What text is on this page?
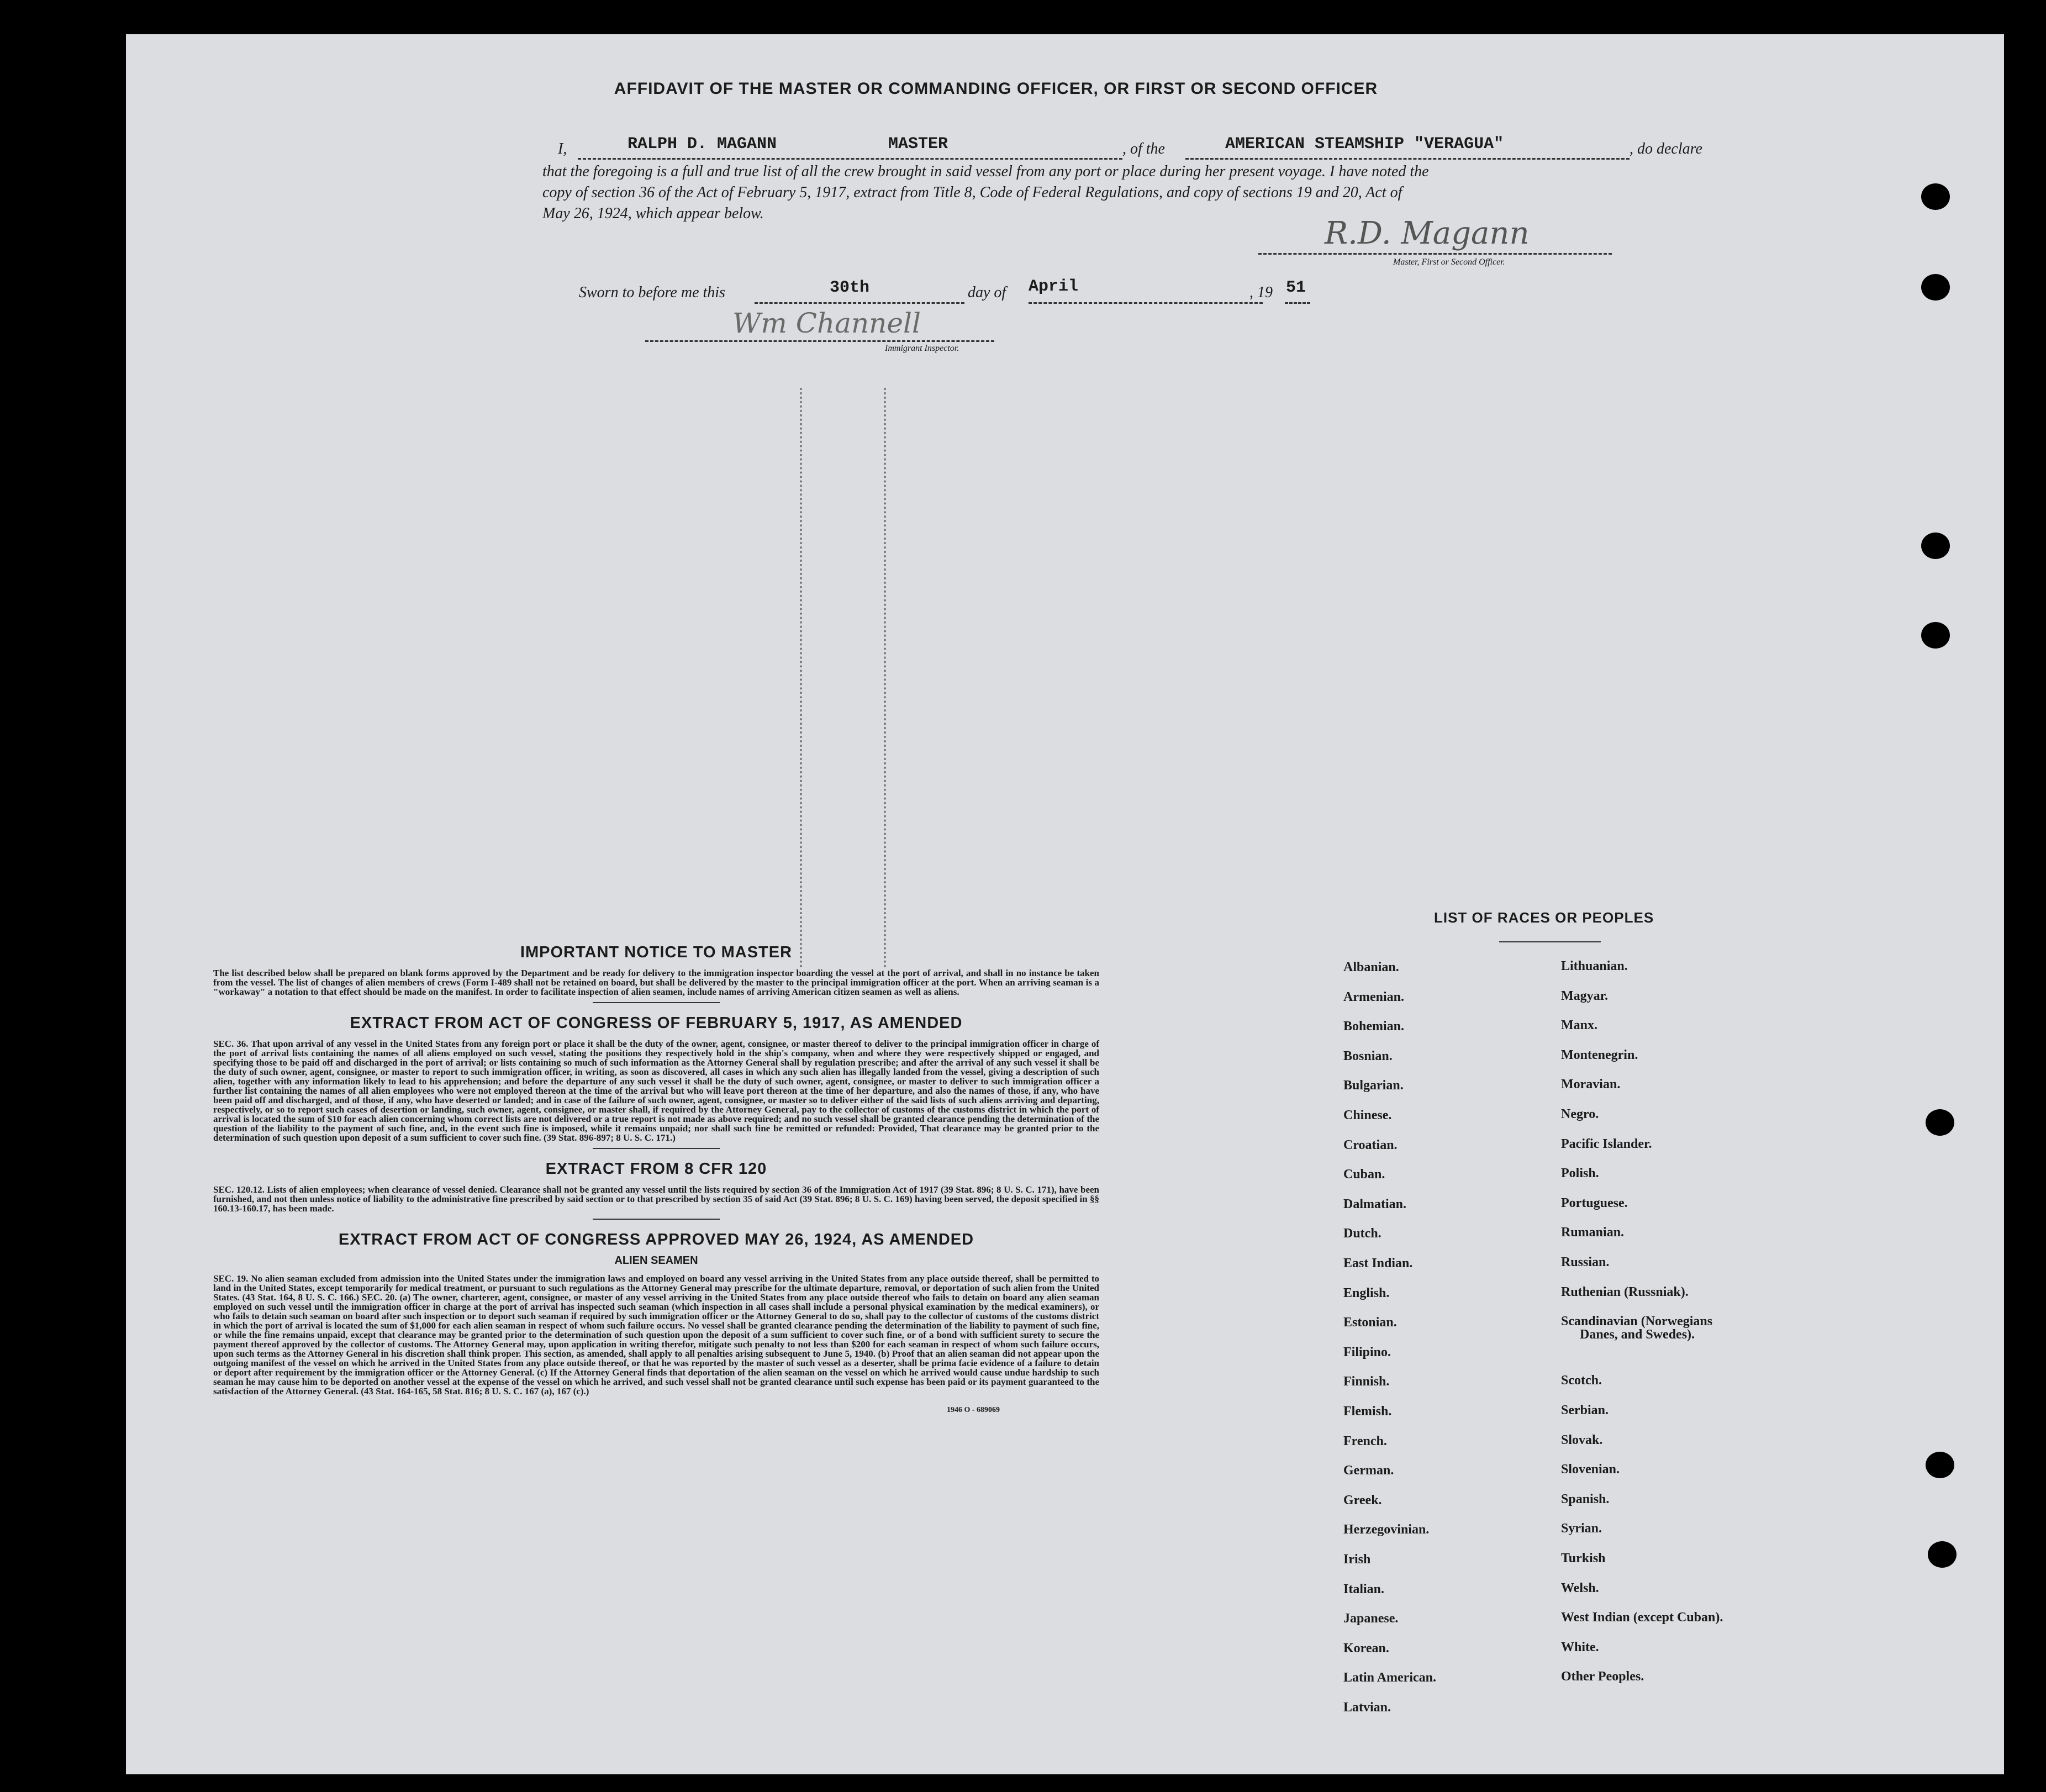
AFFIDAVIT OF THE MASTER OR COMMANDING OFFICER, OR FIRST OR SECOND OFFICER
I,	RALPH D. MAGANN	MASTER	, of the	AMERICAN STEAMSHIP "VERAGUA"	, do declare
that the foregoing is a full and true list of all the crew brought in said vessel from any port or place during her present voyage. I have noted the
copy of section 36 of the Act of February 5, 1917, extract from Title 8, Code of Federal Regulations, and copy of sections 19 and 20, Act of
May 26, 1924, which appear below.
R.D. Magann
Master, First or Second Officer.
Sworn to before me this	30th	day of April	, 19 51
Wm Channell
Immigrant Inspector.
IMPORTANT NOTICE TO MASTER
The list described below shall be prepared on blank forms approved by the Department and be ready for delivery to the immigration inspector boarding the vessel at the port of arrival, and shall in no instance be taken from the vessel. The list of changes of alien members of crews (Form I-489 shall not be retained on board, but shall be delivered by the master to the principal immigration officer at the port. When an arriving seaman is a "workaway" a notation to that effect should be made on the manifest. In order to facilitate inspection of alien seamen, include names of arriving American citizen seamen as well as aliens.
EXTRACT FROM ACT OF CONGRESS OF FEBRUARY 5, 1917, AS AMENDED
SEC. 36. That upon arrival of any vessel in the United States from any foreign port or place it shall be the duty of the owner, agent, consignee, or master thereof to deliver to the principal immigration officer in charge of the port of arrival lists containing the names of all aliens employed on such vessel, stating the positions they respectively hold in the ship's company, when and where they were respectively shipped or engaged, and specifying those to be paid off and discharged in the port of arrival; or lists containing so much of such information as the Attorney General shall by regulation prescribe; and after the arrival of any such vessel it shall be the duty of such owner, agent, consignee, or master to report to such immigration officer, in writing, as soon as discovered, all cases in which any such alien has illegally landed from the vessel, giving a description of such alien, together with any information likely to lead to his apprehension; and before the departure of any such vessel it shall be the duty of such owner, agent, consignee, or master to deliver to such immigration officer a further list containing the names of all alien employees who were not employed thereon at the time of the arrival but who will leave port thereon at the time of her departure, and also the names of those, if any, who have been paid off and discharged, and of those, if any, who have deserted or landed; and in case of the failure of such owner, agent, consignee, or master so to deliver either of the said lists of such aliens arriving and departing, respectively, or so to report such cases of desertion or landing, such owner, agent, consignee, or master shall, if required by the Attorney General, pay to the collector of customs of the customs district in which the port of arrival is located the sum of $10 for each alien concerning whom correct lists are not delivered or a true report is not made as above required; and no such vessel shall be granted clearance pending the determination of the question of the liability to the payment of such fine, and, in the event such fine is imposed, while it remains unpaid; nor shall such fine be remitted or refunded: Provided, That clearance may be granted prior to the determination of such question upon deposit of a sum sufficient to cover such fine. (39 Stat. 896-897; 8 U. S. C. 171.)
EXTRACT FROM 8 CFR 120
SEC. 120.12. Lists of alien employees; when clearance of vessel denied. Clearance shall not be granted any vessel until the lists required by section 36 of the Immigration Act of 1917 (39 Stat. 896; 8 U. S. C. 171), have been furnished, and not then unless notice of liability to the administrative fine prescribed by said section or to that prescribed by section 35 of said Act (39 Stat. 896; 8 U. S. C. 169) having been served, the deposit specified in §§ 160.13-160.17, has been made.
EXTRACT FROM ACT OF CONGRESS APPROVED MAY 26, 1924, AS AMENDED
ALIEN SEAMEN
SEC. 19. No alien seaman excluded from admission into the United States under the immigration laws and employed on board any vessel arriving in the United States from any place outside thereof, shall be permitted to land in the United States, except temporarily for medical treatment, or pursuant to such regulations as the Attorney General may prescribe for the ultimate departure, removal, or deportation of such alien from the United States. (43 Stat. 164, 8 U. S. C. 166.) SEC. 20. (a) The owner, charterer, agent, consignee, or master of any vessel arriving in the United States from any place outside thereof who fails to detain on board any alien seaman employed on such vessel until the immigration officer in charge at the port of arrival has inspected such seaman (which inspection in all cases shall include a personal physical examination by the medical examiners), or who fails to detain such seaman on board after such inspection or to deport such seaman if required by such immigration officer or the Attorney General to do so, shall pay to the collector of customs of the customs district in which the port of arrival is located the sum of $1,000 for each alien seaman in respect of whom such failure occurs. No vessel shall be granted clearance pending the determination of the liability to payment of such fine, or while the fine remains unpaid, except that clearance may be granted prior to the determination of such question upon the deposit of a sum sufficient to cover such fine, or of a bond with sufficient surety to secure the payment thereof approved by the collector of customs. The Attorney General may, upon application in writing therefor, mitigate such penalty to not less than $200 for each seaman in respect of whom such failure occurs, upon such terms as the Attorney General in his discretion shall think proper. This section, as amended, shall apply to all penalties arising subsequent to June 5, 1940. (b) Proof that an alien seaman did not appear upon the outgoing manifest of the vessel on which he arrived in the United States from any place outside thereof, or that he was reported by the master of such vessel as a deserter, shall be prima facie evidence of a failure to detain or deport after requirement by the immigration officer or the Attorney General. (c) If the Attorney General finds that deportation of the alien seaman on the vessel on which he arrived would cause undue hardship to such seaman he may cause him to be deported on another vessel at the expense of the vessel on which he arrived, and such vessel shall not be granted clearance until such expense has been paid or its payment guaranteed to the satisfaction of the Attorney General. (43 Stat. 164-165, 58 Stat. 816; 8 U. S. C. 167 (a), 167 (c).)
1946 O - 689069
LIST OF RACES OR PEOPLES
Albanian.
Armenian.
Bohemian.
Bosnian.
Bulgarian.
Chinese.
Croatian.
Cuban.
Dalmatian.
Dutch.
East Indian.
English.
Estonian.
Filipino.
Finnish.
Flemish.
French.
German.
Greek.
Herzegovinian.
Irish
Italian.
Japanese.
Korean.
Latin American.
Latvian.
Lithuanian.
Magyar.
Manx.
Montenegrin.
Moravian.
Negro.
Pacific Islander.
Polish.
Portuguese.
Rumanian.
Russian.
Ruthenian (Russniak).
Scandinavian (Norwegians
Danes, and Swedes).
Scotch.
Serbian.
Slovak.
Slovenian.
Spanish.
Syrian.
Turkish
Welsh.
West Indian (except Cuban).
White.
Other Peoples.
